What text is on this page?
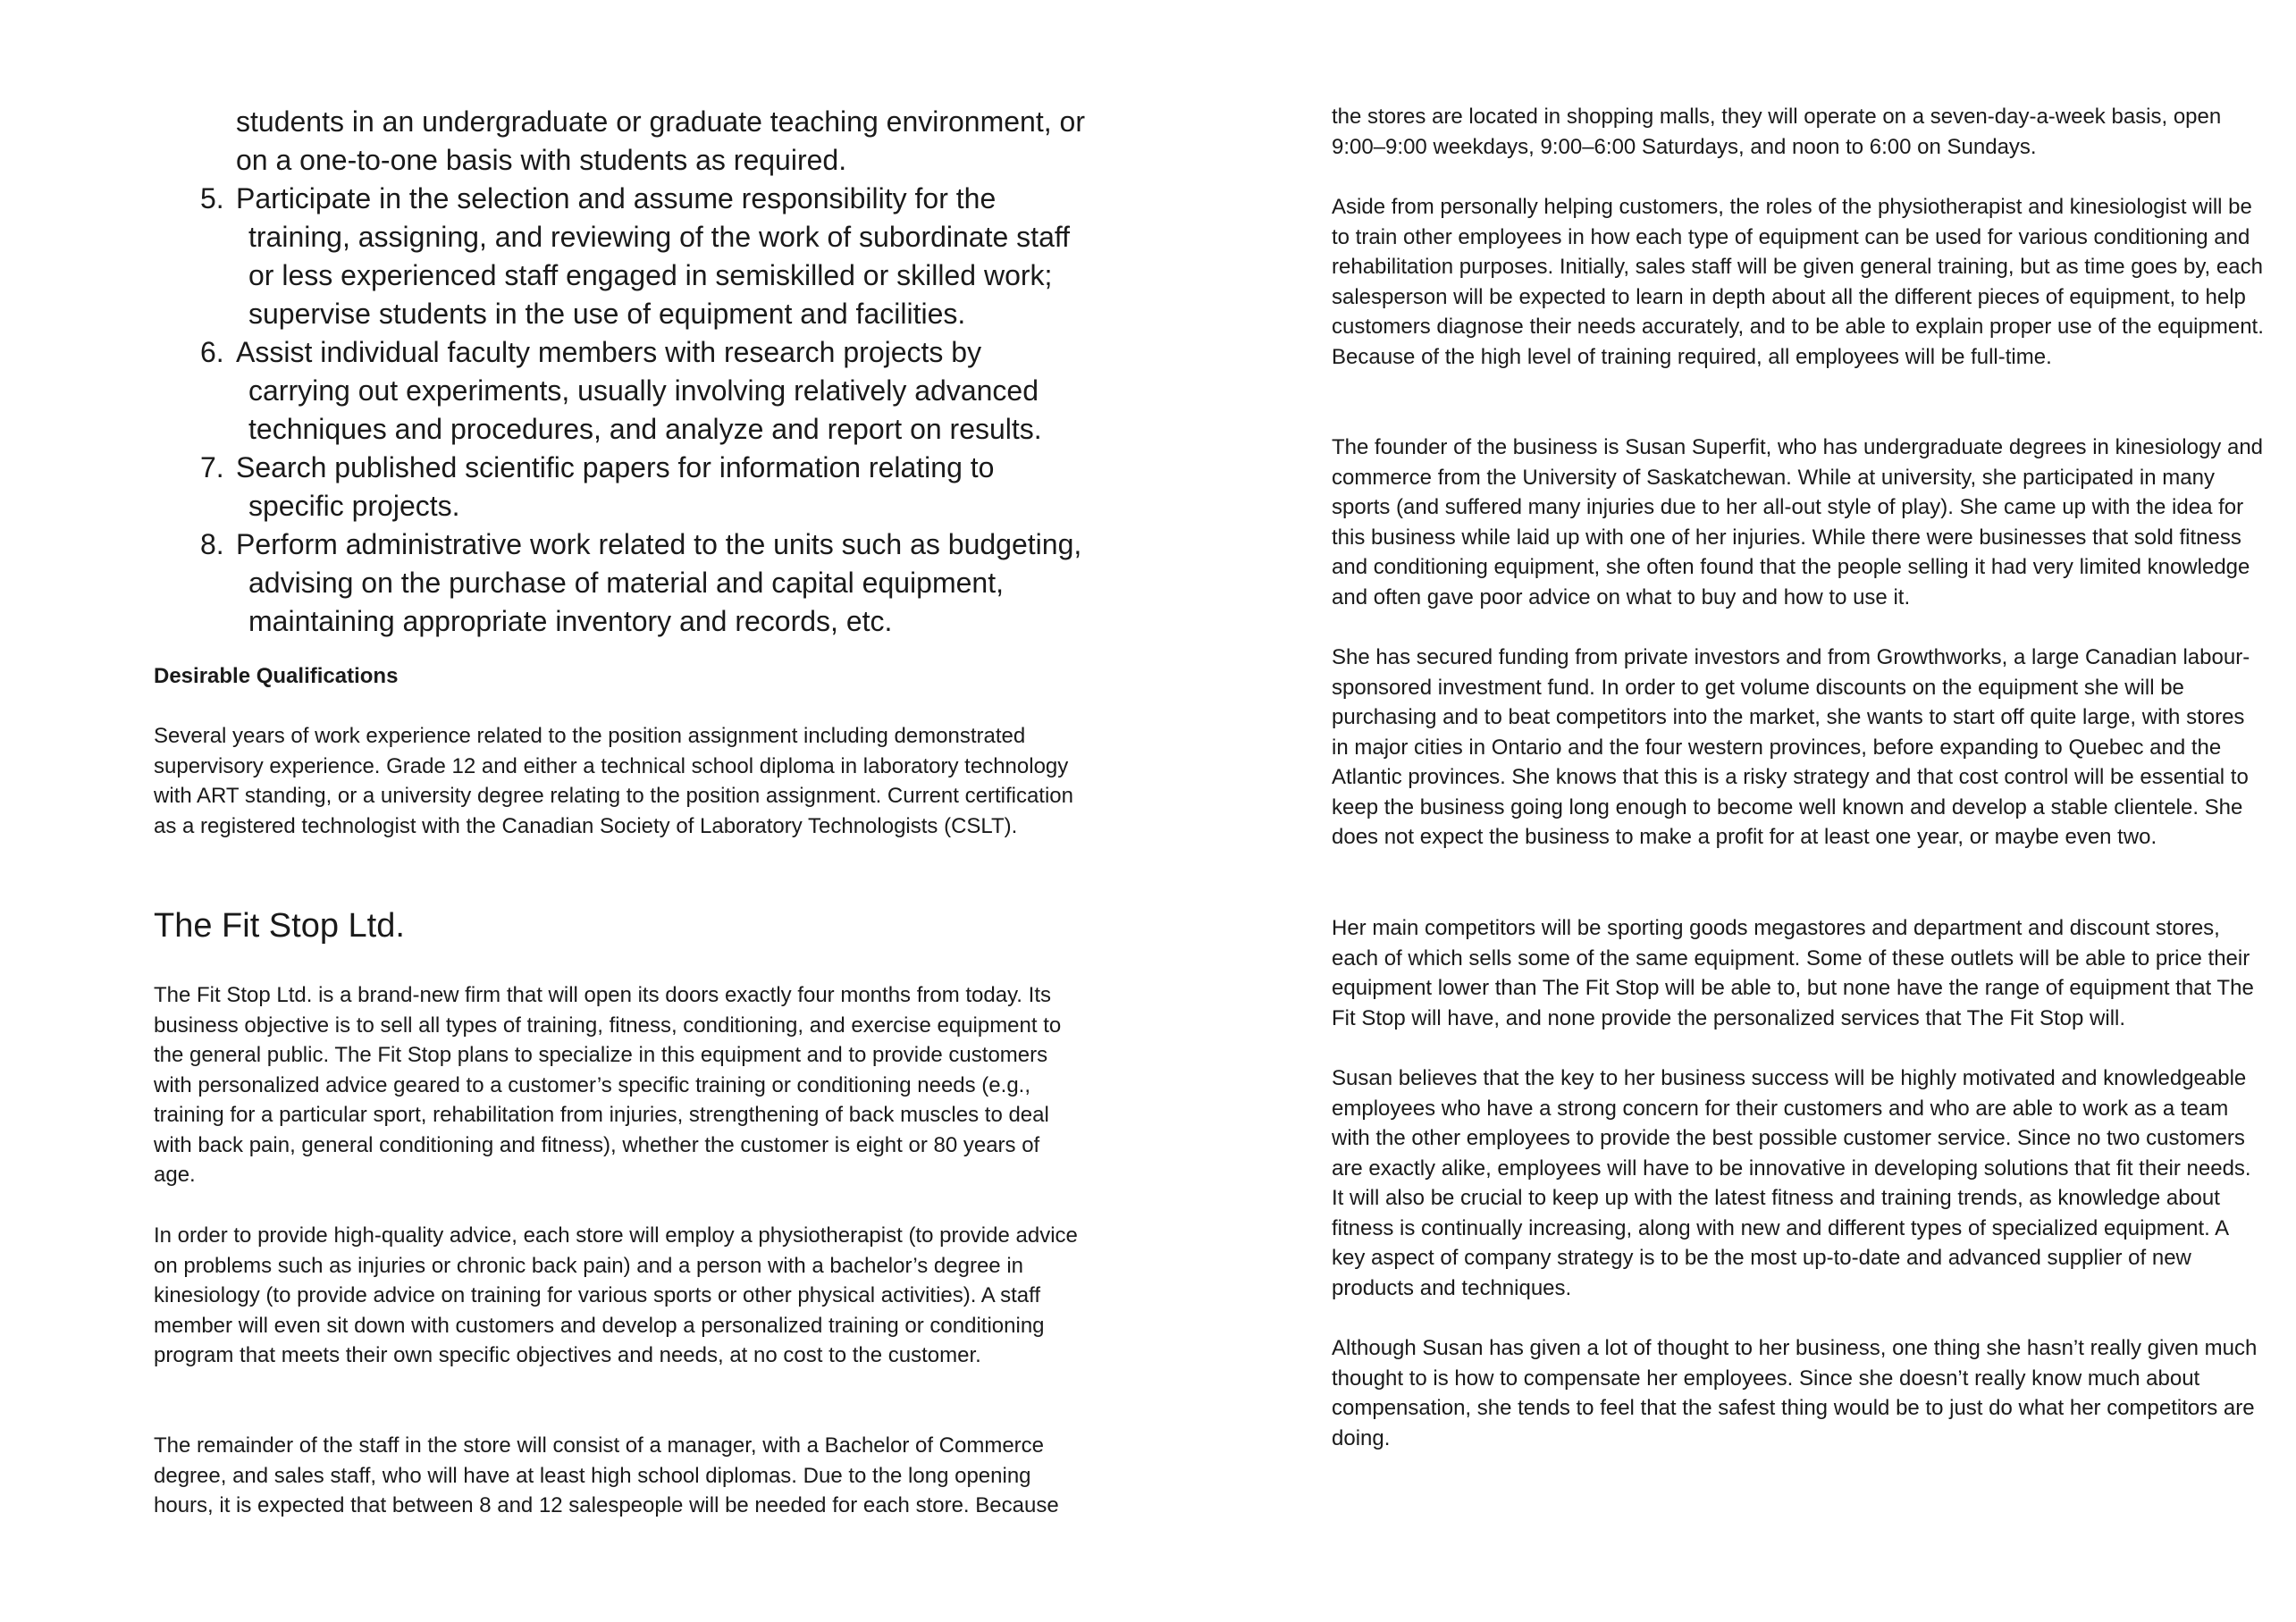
students in an undergraduate or graduate teaching environment, or on a one-to-one basis with students as required.
5. Participate in the selection and assume responsibility for the training, assigning, and reviewing of the work of subordinate staff or less experienced staff engaged in semiskilled or skilled work; supervise students in the use of equipment and facilities.
6. Assist individual faculty members with research projects by carrying out experiments, usually involving relatively advanced techniques and procedures, and analyze and report on results.
7. Search published scientific papers for information relating to specific projects.
8. Perform administrative work related to the units such as budgeting, advising on the purchase of material and capital equipment, maintaining appropriate inventory and records, etc.
Desirable Qualifications
Several years of work experience related to the position assignment including demonstrated supervisory experience. Grade 12 and either a technical school diploma in laboratory technology with ART standing, or a university degree relating to the position assignment. Current certification as a registered technologist with the Canadian Society of Laboratory Technologists (CSLT).
The Fit Stop Ltd.
The Fit Stop Ltd. is a brand-new firm that will open its doors exactly four months from today. Its business objective is to sell all types of training, fitness, conditioning, and exercise equipment to the general public. The Fit Stop plans to specialize in this equipment and to provide customers with personalized advice geared to a customer’s specific training or conditioning needs (e.g., training for a particular sport, rehabilitation from injuries, strengthening of back muscles to deal with back pain, general conditioning and fitness), whether the customer is eight or 80 years of age.
In order to provide high-quality advice, each store will employ a physiotherapist (to provide advice on problems such as injuries or chronic back pain) and a person with a bachelor’s degree in kinesiology (to provide advice on training for various sports or other physical activities). A staff member will even sit down with customers and develop a personalized training or conditioning program that meets their own specific objectives and needs, at no cost to the customer.
The remainder of the staff in the store will consist of a manager, with a Bachelor of Commerce degree, and sales staff, who will have at least high school diplomas. Due to the long opening hours, it is expected that between 8 and 12 salespeople will be needed for each store. Because
the stores are located in shopping malls, they will operate on a seven-day-a-week basis, open 9:00–9:00 weekdays, 9:00–6:00 Saturdays, and noon to 6:00 on Sundays.
Aside from personally helping customers, the roles of the physiotherapist and kinesiologist will be to train other employees in how each type of equipment can be used for various conditioning and rehabilitation purposes. Initially, sales staff will be given general training, but as time goes by, each salesperson will be expected to learn in depth about all the different pieces of equipment, to help customers diagnose their needs accurately, and to be able to explain proper use of the equipment. Because of the high level of training required, all employees will be full-time.
The founder of the business is Susan Superfit, who has undergraduate degrees in kinesiology and commerce from the University of Saskatchewan. While at university, she participated in many sports (and suffered many injuries due to her all-out style of play). She came up with the idea for this business while laid up with one of her injuries. While there were businesses that sold fitness and conditioning equipment, she often found that the people selling it had very limited knowledge and often gave poor advice on what to buy and how to use it.
She has secured funding from private investors and from Growthworks, a large Canadian labour-sponsored investment fund. In order to get volume discounts on the equipment she will be purchasing and to beat competitors into the market, she wants to start off quite large, with stores in major cities in Ontario and the four western provinces, before expanding to Quebec and the Atlantic provinces. She knows that this is a risky strategy and that cost control will be essential to keep the business going long enough to become well known and develop a stable clientele. She does not expect the business to make a profit for at least one year, or maybe even two.
Her main competitors will be sporting goods megastores and department and discount stores, each of which sells some of the same equipment. Some of these outlets will be able to price their equipment lower than The Fit Stop will be able to, but none have the range of equipment that The Fit Stop will have, and none provide the personalized services that The Fit Stop will.
Susan believes that the key to her business success will be highly motivated and knowledgeable employees who have a strong concern for their customers and who are able to work as a team with the other employees to provide the best possible customer service. Since no two customers are exactly alike, employees will have to be innovative in developing solutions that fit their needs. It will also be crucial to keep up with the latest fitness and training trends, as knowledge about fitness is continually increasing, along with new and different types of specialized equipment. A key aspect of company strategy is to be the most up-to-date and advanced supplier of new products and techniques.
Although Susan has given a lot of thought to her business, one thing she hasn’t really given much thought to is how to compensate her employees. Since she doesn’t really know much about compensation, she tends to feel that the safest thing would be to just do what her competitors are doing.
